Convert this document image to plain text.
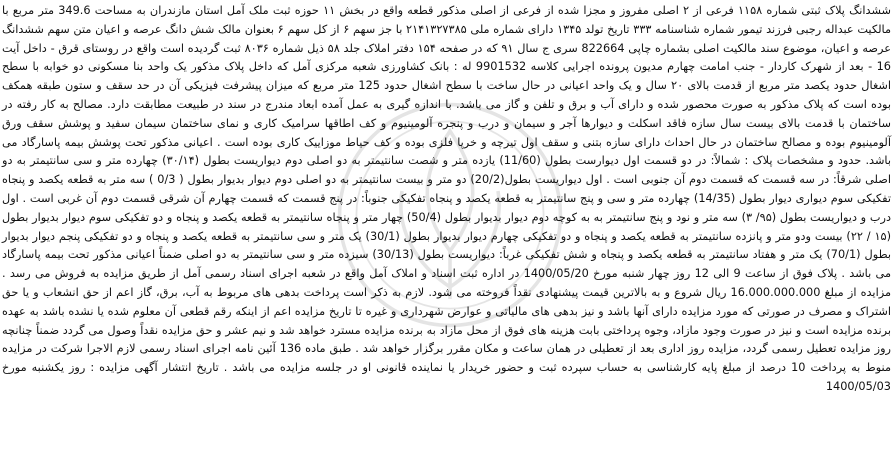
ششدانگ پلاک ثبتی شماره ۱۱۵۸ فرعی از ۲ اصلی مفروز و مجزا شده از فرعی از اصلی مذکور قطعه واقع در بخش ۱۱ حوزه ثبت ملک آمل استان مازندران به مساحت 349.6 متر مربع با مالکیت عبداله رجبی فرزند تیمور شماره شناسنامه ۳۳۳ تاریخ تولد ۱۳۴۵ دارای شماره ملی ۲۱۴۱۳۲۷۳۸۵ با جز سهم ۶ از کل سهم ۶ بعنوان مالک شش دانگ عرصه و اعیان متن سهم ششدانگ عرصه و اعیان، موضوع سند مالکیت اصلی بشماره چاپی 822664 سری ج سال ۹۱ که در صفحه ۱۵۴ دفتر املاک جلد ۵۸ ذیل شماره ۸۰۳۶ ثبت گردیده است واقع در روستای قرق - داخل آیت 16 - بعد از شهرک کاردار - جنب امامت چهارم مدیون پرونده اجرایی کلاسه 9901532 له : بانک کشاورزی شعبه مرکزی آمل که داخل پلاک مذکور یک واحد بنا مسکونی دو خوابه با سطح اشغال حدود یکصد متر مربع از قدمت بالای ۲۰ سال و یک واحد اعیانی در حال ساخت با سطح اشغال حدود 125 متر مربع که میزان پیشرفت فیزیکی آن در حد سقف و ستون طبقه همکف بوده است که پلاک مذکور به صورت محصور شده و دارای آب و برق و تلفن و گاز می باشد. با اندازه گیری به عمل آمده ابعاد مندرج در سند در طبیعت مطابقت دارد. مصالح به کار رفته در ساختمان با قدمت بالای بیست سال سازه فاقد اسکلت و دیوارها آجر و سیمان و درب و پنجره آلومینیوم و کف اطاقها سرامیک کاری و نمای ساختمان سیمان سفید و پوشش سقف ورق آلومینیوم بوده و مصالح ساختمان در حال احداث دارای سازه بتنی و سقف اول تیرچه و خرپا فلزی بوده و کف حیاط موزاییک کاری بوده است . اعیانی مذکور تحت پوشش بیمه پاسارگاد می باشد. حدود و مشخصات پلاک : شمالاً: در دو قسمت اول دیوارست بطول (11/60) یازده متر و شصت سانتیمتر به دو اصلی دوم دیواریست بطول (۳۰/۱۴) چهارده متر و سی سانتیمتر به دو اصلی شرقاً: در سه قسمت که قسمت دوم آن جنوبی است . اول دیواریست بطول(20/2) دو متر و بیست سانتیمتر به دو اصلی دوم دیوار بدیوار بطول ( 0/3 ) سه متر به قطعه یکصد و پنجاه تفکیکی سوم دیواری دیوار بطول (14/35) چهارده متر و سی و پنج سانتیمتر به قطعه یکصد و پنجاه تفکیکی جنوباً: در پنج قسمت که قسمت چهارم آن شرقی قسمت دوم آن غربی است . اول درب و دیواریست بطول (۹۵/ ۳) سه متر و نود و پنج سانتیمتر به به کوچه دوم دیوار بدیوار بطول (50/4) چهار متر و پنجاه سانتیمتر به قطعه یکصد و پنجاه و دو تفکیکی سوم دیوار بدیوار بطول (۱۵ / ۲۲) بیست ودو متر و پانزده سانتیمتر به قطعه یکصد و پنجاه و دو تفکیکی چهارم دیوار بدیوار بطول (30/1) یک متر و سی سانتیمتر به قطعه یکصد و پنجاه و دو تفکیکی پنجم دیوار بدیوار بطول (70/1) یک متر و هفتاد سانتیمتر به قطعه یکصد و پنجاه و شش تفکیکی غرباً: دیواریست بطول (30/13) سیزده متر و سی سانتیمتر به دو اصلی ضمناً اعیانی مذکور تحت بیمه پاسارگاد می باشد . پلاک فوق از ساعت 9 الی 12 روز چهار شنبه مورخ 1400/05/20 در اداره ثبت اسناد و املاک آمل واقع در شعبه اجرای اسناد رسمی آمل از طریق مزایده به فروش می رسد . مزایده از مبلغ 16.000.000.000 ریال شروع و به بالاترین قیمت پیشنهادی نقداً فروخته می شود. لازم به ذکر است پرداخت بدهی های مربوط به آب، برق، گاز اعم از حق انشعاب و یا حق اشتراک و مصرف در صورتی که مورد مزایده دارای آنها باشد و نیز بدهی های مالیاتی و عوارض شهرداری و غیره تا تاریخ مزایده اعم از اینکه رقم قطعی آن معلوم شده یا نشده باشد به عهده برنده مزایده است و نیز در صورت وجود مازاد، وجوه پرداختی بابت هزینه های فوق از محل مازاد به برنده مزایده مسترد خواهد شد و نیم عشر و حق مزایده نقداً وصول می گردد ضمناً چنانچه روز مزایده تعطیل رسمی گردد، مزایده روز اداری بعد از تعطیلی در همان ساعت و مکان مقرر برگزار خواهد شد . طبق ماده 136 آئین نامه اجرای اسناد رسمی لازم الاجرا شرکت در مزایده منوط به پرداخت 10 درصد از مبلغ پایه کارشناسی به حساب سپرده ثبت و حضور خریدار یا نماینده قانونی او در جلسه مزایده می باشد . تاریخ انتشار آگهی مزایده : روز یکشنبه مورخ 1400/05/03
